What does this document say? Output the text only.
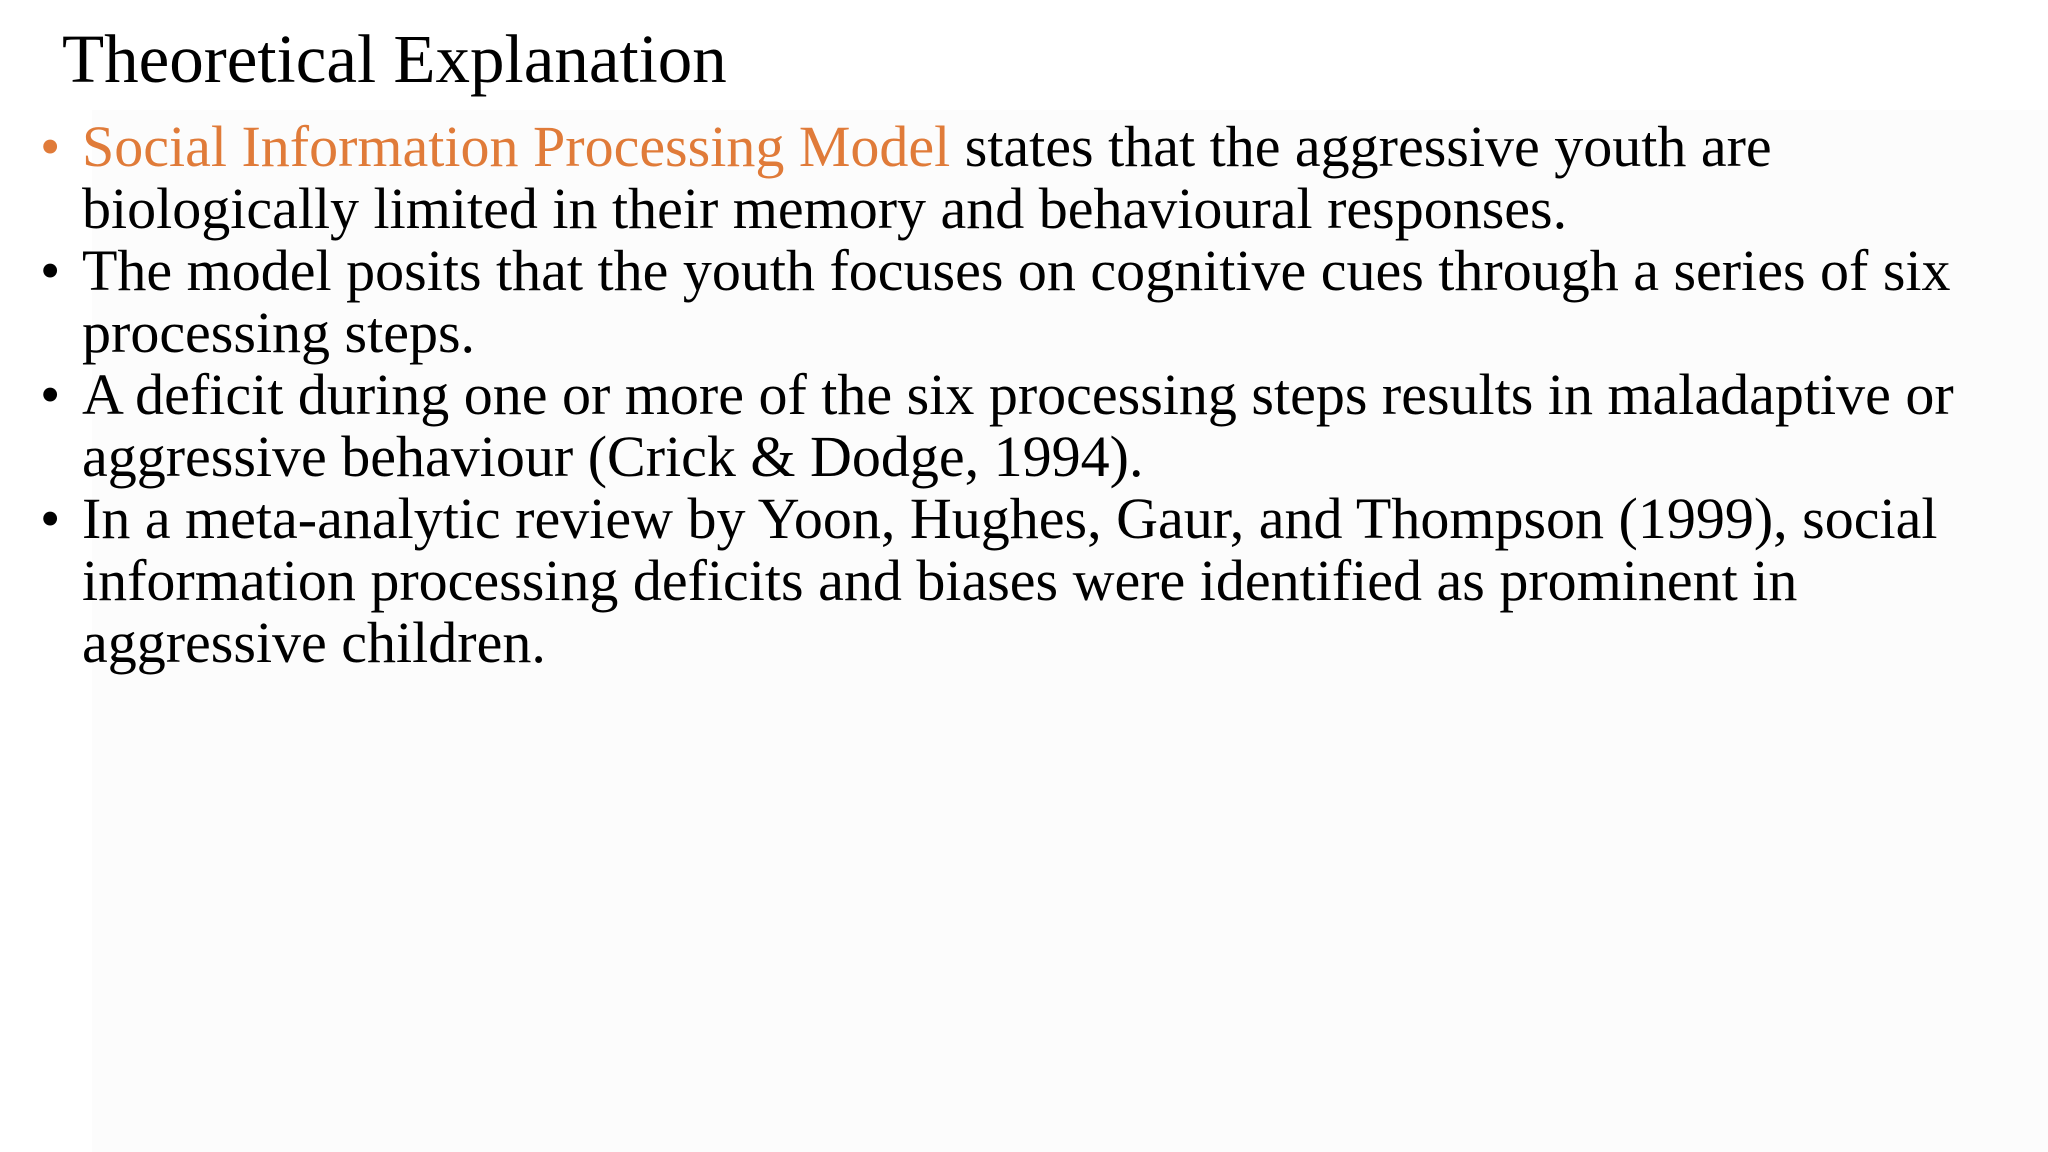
Theoretical Explanation
• Social Information Processing Model states that the aggressive youth are biologically limited in their memory and behavioural responses.
• The model posits that the youth focuses on cognitive cues through a series of six processing steps.
• A deficit during one or more of the six processing steps results in maladaptive or aggressive behaviour (Crick & Dodge, 1994).
• In a meta-analytic review by Yoon, Hughes, Gaur, and Thompson (1999), social information processing deficits and biases were identified as prominent in aggressive children.
